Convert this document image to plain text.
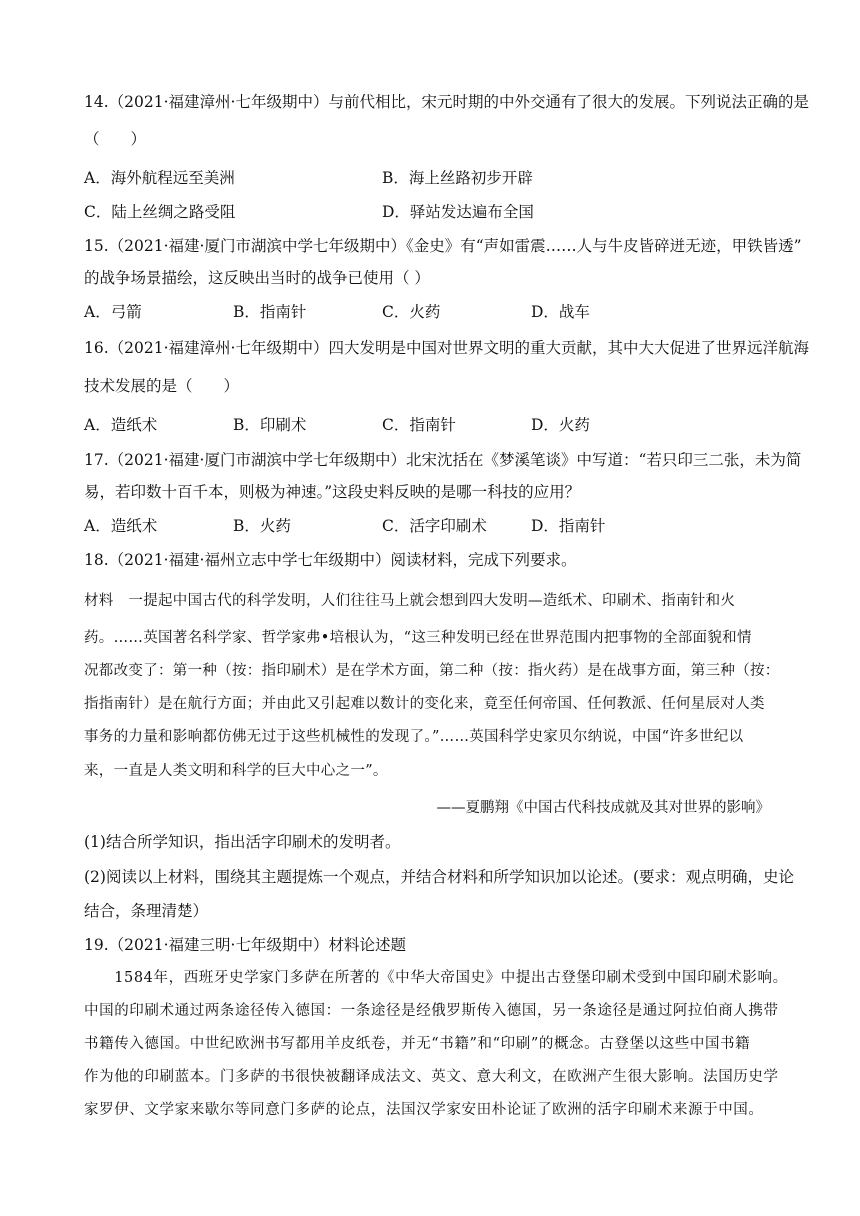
14.（2021·福建漳州·七年级期中）与前代相比，宋元时期的中外交通有了很大的发展。下列说法正确的是
（　　）
A．海外航程远至美洲	B．海上丝路初步开辟
C．陆上丝绸之路受阻	D．驿站发达遍布全国
15.（2021·福建·厦门市湖滨中学七年级期中）《金史》有“声如雷震……人与牛皮皆碎迸无迹，甲铁皆透”
的战争场景描绘，这反映出当时的战争已使用（ ）
A．弓箭	B．指南针	C．火药	D．战车
16.（2021·福建漳州·七年级期中）四大发明是中国对世界文明的重大贡献，其中大大促进了世界远洋航海
技术发展的是（　　）
A．造纸术	B．印刷术	C．指南针	D．火药
17.（2021·福建·厦门市湖滨中学七年级期中）北宋沈括在《梦溪笔谈》中写道：“若只印三二张，未为简
易，若印数十百千本，则极为神速。”这段史料反映的是哪一科技的应用？
A．造纸术	B．火药	C．活字印刷术	D．指南针
18.（2021·福建·福州立志中学七年级期中）阅读材料，完成下列要求。
材料　一提起中国古代的科学发明，人们往往马上就会想到四大发明—造纸术、印刷术、指南针和火
药。……英国著名科学家、哲学家弗•培根认为，“这三种发明已经在世界范围内把事物的全部面貌和情
况都改变了：第一种（按：指印刷术）是在学术方面，第二种（按：指火药）是在战事方面，第三种（按：
指指南针）是在航行方面；并由此又引起难以数计的变化来，竟至任何帝国、任何教派、任何星辰对人类
事务的力量和影响都仿佛无过于这些机械性的发现了。”……英国科学史家贝尔纳说，中国“许多世纪以
来，一直是人类文明和科学的巨大中心之一”。
——夏鹏翔《中国古代科技成就及其对世界的影响》
(1)结合所学知识，指出活字印刷术的发明者。
(2)阅读以上材料，围绕其主题提炼一个观点，并结合材料和所学知识加以论述。(要求：观点明确，史论
结合，条理清楚）
19.（2021·福建三明·七年级期中）材料论述题
　　1584年，西班牙史学家门多萨在所著的《中华大帝国史》中提出古登堡印刷术受到中国印刷术影响。
中国的印刷术通过两条途径传入德国：一条途径是经俄罗斯传入德国，另一条途径是通过阿拉伯商人携带
书籍传入德国。中世纪欧洲书写都用羊皮纸卷，并无“书籍”和“印刷”的概念。古登堡以这些中国书籍
作为他的印刷蓝本。门多萨的书很快被翻译成法文、英文、意大利文，在欧洲产生很大影响。法国历史学
家罗伊、文学家来歇尔等同意门多萨的论点，法国汉学家安田朴论证了欧洲的活字印刷术来源于中国。
